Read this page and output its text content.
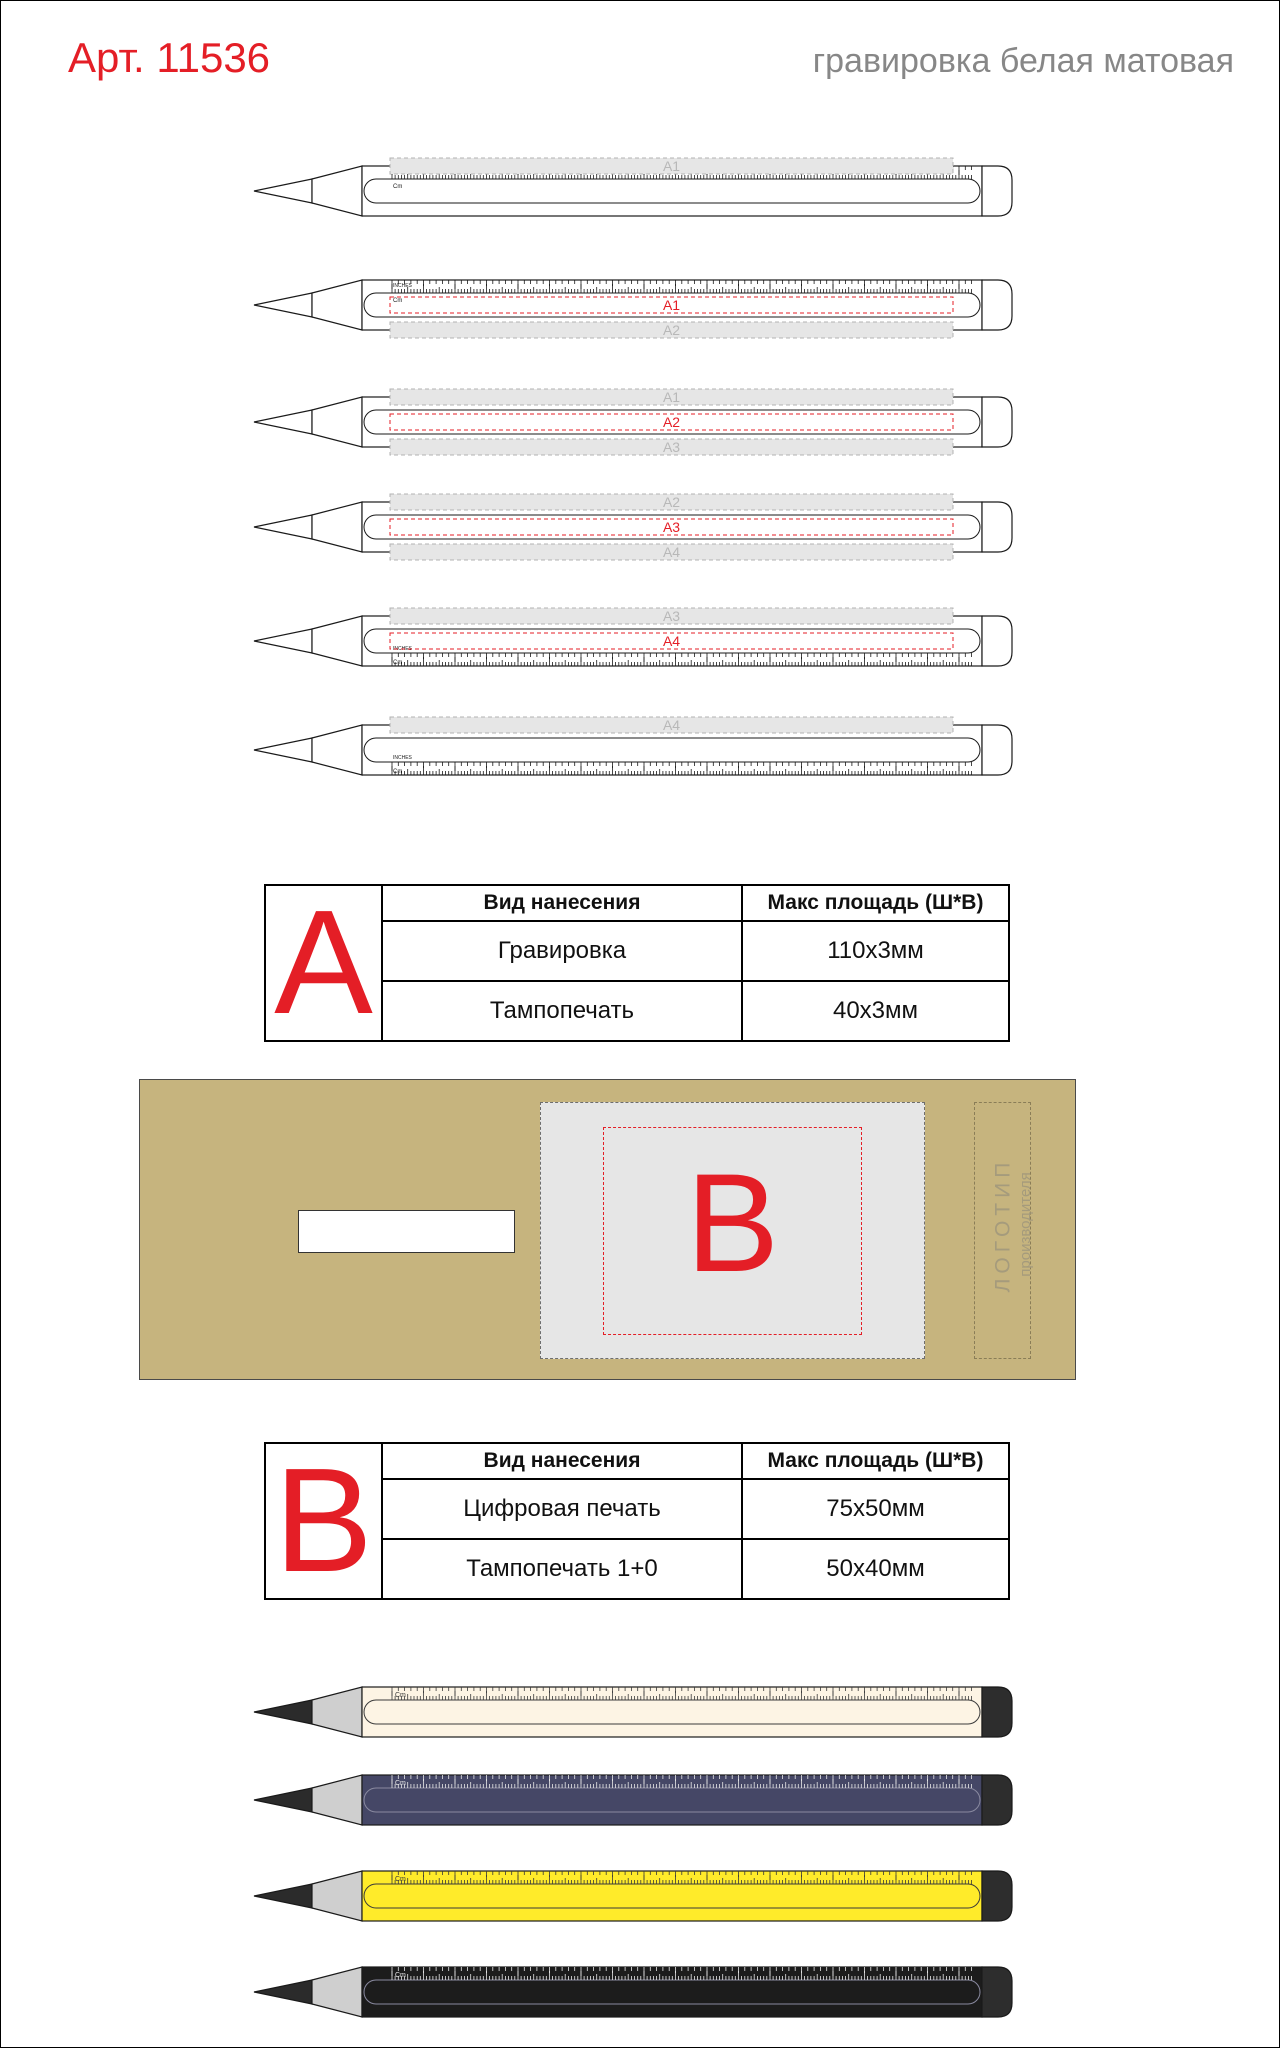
Арт. 11536	гравировка белая матовая
Cm
A1
INCHES
Cm	A1
A2
A1
A2
A3
A2
A3
A4
INCHES
Cm
A3
A4
INCHES
Cm
A4
Cm
Cm
Cm
Cm
A	Вид нанесения	Макс площадь (Ш*В)
	Гравировка	110x3мм
	Тампопечать	40x3мм
B	ЛОГОТИП производителя
B	Вид нанесения	Макс площадь (Ш*В)
	Цифровая печать	75x50мм
	Тампопечать 1+0	50x40мм
